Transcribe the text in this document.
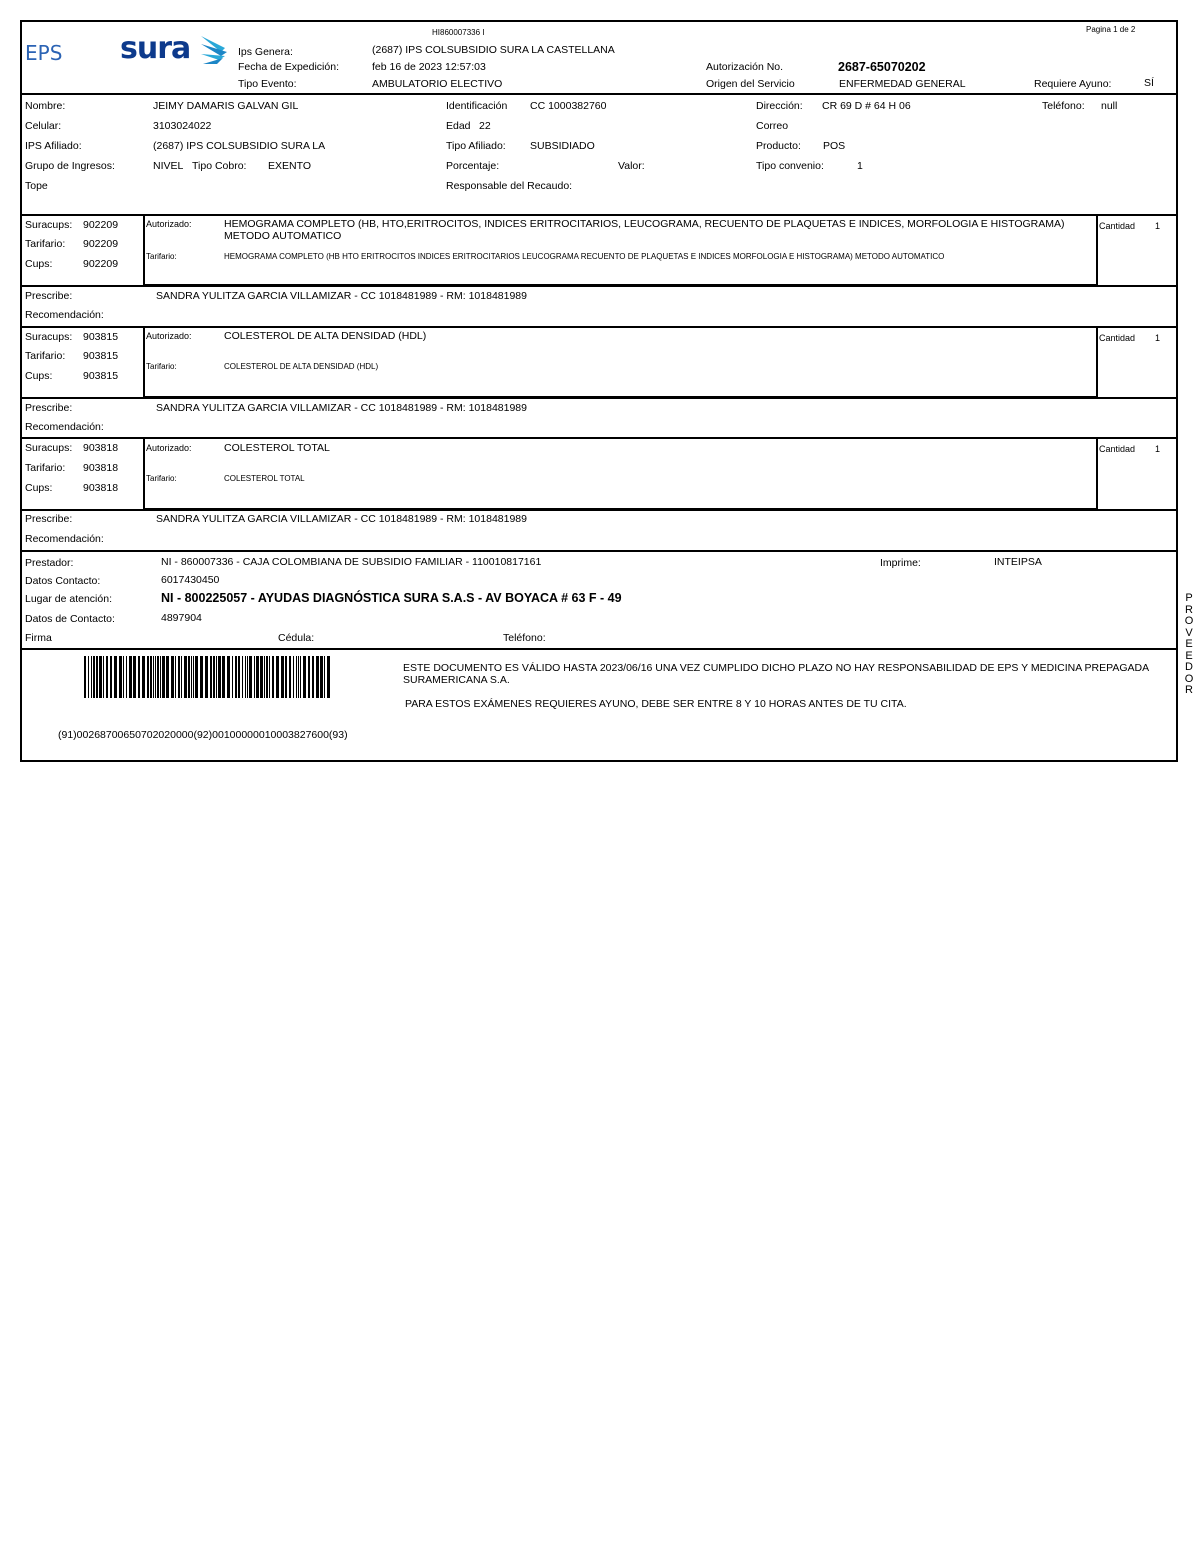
EPS sura	HI860007336 I	Pagina 1 de 2
Ips Genera:	(2687) IPS COLSUBSIDIO SURA LA CASTELLANA
Fecha de Expedición:	feb 16 de 2023 12:57:03
Tipo Evento:	AMBULATORIO ELECTIVO
Autorización No.	2687-65070202
Origen del Servicio	ENFERMEDAD GENERAL	Requiere Ayuno:	SÍ
Nombre:	JEIMY DAMARIS GALVAN GIL	Identificación CC 1000382760	Dirección: CR 69 D # 64 H 06	Teléfono: null
Celular:	3103024022	Edad 22	Correo
IPS Afiliado:	(2687) IPS COLSUBSIDIO SURA LA	Tipo Afiliado: SUBSIDIADO	Producto: POS
Grupo de Ingresos:	NIVEL Tipo Cobro: EXENTO	Porcentaje:	Valor:	Tipo convenio:	1
Tope	Responsable del Recaudo:
Suracups: 902209
Tarifario: 902209
Cups:	902209
Autorizado:	HEMOGRAMA COMPLETO (HB, HTO,ERITROCITOS, INDICES ERITROCITARIOS, LEUCOGRAMA, RECUENTO DE PLAQUETAS E INDICES, MORFOLOGIA E HISTOGRAMA) METODO AUTOMATICO
Tarifario:	HEMOGRAMA COMPLETO (HB HTO ERITROCITOS INDICES ERITROCITARIOS LEUCOGRAMA RECUENTO DE PLAQUETAS E INDICES MORFOLOGIA E HISTOGRAMA) METODO AUTOMATICO
Cantidad 1
Prescribe:	SANDRA YULITZA GARCIA VILLAMIZAR - CC 1018481989 - RM: 1018481989
Recomendación:
Suracups: 903815
Tarifario: 903815
Cups:	903815
Autorizado:	COLESTEROL DE ALTA DENSIDAD (HDL)
Tarifario:	COLESTEROL DE ALTA DENSIDAD (HDL)
Cantidad 1
Prescribe:	SANDRA YULITZA GARCIA VILLAMIZAR - CC 1018481989 - RM: 1018481989
Recomendación:
Suracups: 903818
Tarifario: 903818
Cups:	903818
Autorizado:	COLESTEROL TOTAL
Tarifario:	COLESTEROL TOTAL
Cantidad 1
Prescribe:	SANDRA YULITZA GARCIA VILLAMIZAR - CC 1018481989 - RM: 1018481989
Recomendación:
Prestador:	NI - 860007336 - CAJA COLOMBIANA DE SUBSIDIO FAMILIAR - 110010817161	Imprime:	INTEIPSA
Datos Contacto:	6017430450
Lugar de atención:	NI - 800225057 - AYUDAS DIAGNÓSTICA SURA S.A.S - AV BOYACA # 63 F - 49
Datos de Contacto:	4897904
Firma	Cédula:	Teléfono:
(91)00268700650702020000(92)00100000010003827600(93)
ESTE DOCUMENTO ES VÁLIDO HASTA 2023/06/16 UNA VEZ CUMPLIDO DICHO PLAZO NO HAY RESPONSABILIDAD DE EPS Y MEDICINA PREPAGADA SURAMERICANA S.A.
PARA ESTOS EXÁMENES REQUIERES AYUNO, DEBE SER ENTRE 8 Y 10 HORAS ANTES DE TU CITA.
P
R
O
V
E
E
D
O
R
